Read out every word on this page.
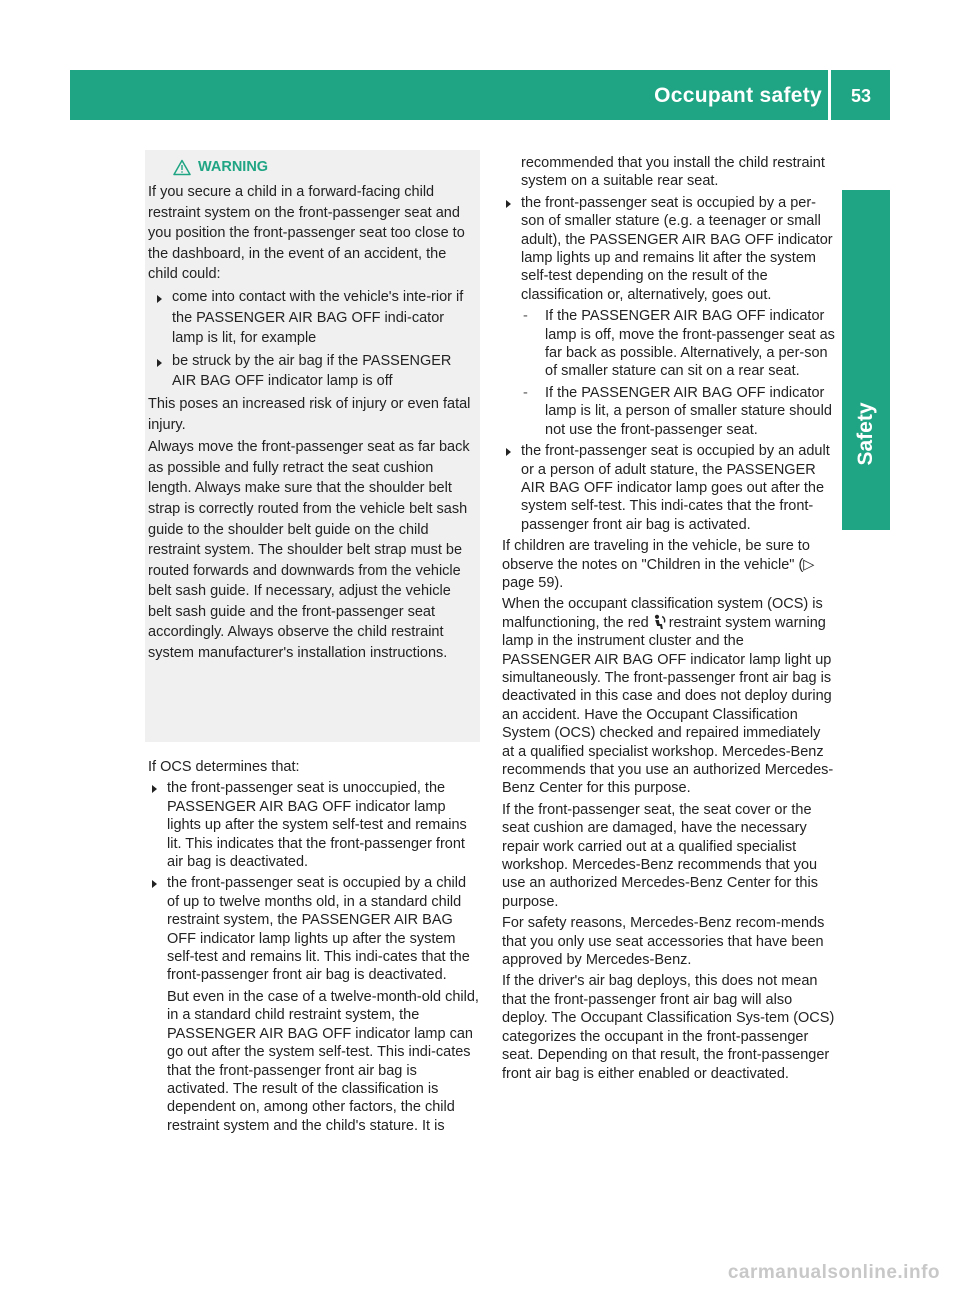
Occupant safety	53
Safety
WARNING

If you secure a child in a forward-facing child restraint system on the front-passenger seat and you position the front-passenger seat too close to the dashboard, in the event of an accident, the child could:

come into contact with the vehicle's inte-rior if the PASSENGER AIR BAG OFF indi-cator lamp is lit, for example

be struck by the air bag if the PASSENGER AIR BAG OFF indicator lamp is off

This poses an increased risk of injury or even fatal injury.

Always move the front-passenger seat as far back as possible and fully retract the seat cushion length. Always make sure that the shoulder belt strap is correctly routed from the vehicle belt sash guide to the shoulder belt guide on the child restraint system. The shoulder belt strap must be routed forwards and downwards from the vehicle belt sash guide. If necessary, adjust the vehicle belt sash guide and the front-passenger seat accordingly. Always observe the child restraint system manufacturer's installation instructions.

If OCS determines that:

the front-passenger seat is unoccupied, the PASSENGER AIR BAG OFF indicator lamp lights up after the system self-test and remains lit. This indicates that the front-passenger front air bag is deactivated.

the front-passenger seat is occupied by a child of up to twelve months old, in a standard child restraint system, the PASSENGER AIR BAG OFF indicator lamp lights up after the system self-test and remains lit. This indi-cates that the front-passenger front air bag is deactivated.

But even in the case of a twelve-month-old child, in a standard child restraint system, the PASSENGER AIR BAG OFF indicator lamp can go out after the system self-test. This indi-cates that the front-passenger front air bag is activated. The result of the classification is dependent on, among other factors, the child restraint system and the child's stature. It is

recommended that you install the child restraint system on a suitable rear seat.

the front-passenger seat is occupied by a per-son of smaller stature (e.g. a teenager or small adult), the PASSENGER AIR BAG OFF indicator lamp lights up and remains lit after the system self-test depending on the result of the classification or, alternatively, goes out.

- If the PASSENGER AIR BAG OFF indicator lamp is off, move the front-passenger seat as far back as possible. Alternatively, a per-son of smaller stature can sit on a rear seat.

- If the PASSENGER AIR BAG OFF indicator lamp is lit, a person of smaller stature should not use the front-passenger seat.

the front-passenger seat is occupied by an adult or a person of adult stature, the PASSENGER AIR BAG OFF indicator lamp goes out after the system self-test. This indi-cates that the front-passenger front air bag is activated.

If children are traveling in the vehicle, be sure to observe the notes on "Children in the vehicle" (▷ page 59).

When the occupant classification system (OCS) is malfunctioning, the red restraint system warning lamp in the instrument cluster and the PASSENGER AIR BAG OFF indicator lamp light up simultaneously. The front-passenger front air bag is deactivated in this case and does not deploy during an accident. Have the Occupant Classification System (OCS) checked and repaired immediately at a qualified specialist workshop. Mercedes-Benz recommends that you use an authorized Mercedes-Benz Center for this purpose.

If the front-passenger seat, the seat cover or the seat cushion are damaged, have the necessary repair work carried out at a qualified specialist workshop. Mercedes-Benz recommends that you use an authorized Mercedes-Benz Center for this purpose.

For safety reasons, Mercedes-Benz recom-mends that you only use seat accessories that have been approved by Mercedes-Benz.

If the driver's air bag deploys, this does not mean that the front-passenger front air bag will also deploy. The Occupant Classification Sys-tem (OCS) categorizes the occupant in the front-passenger seat. Depending on that result, the front-passenger front air bag is either enabled or deactivated.

carmanualsonline.info
